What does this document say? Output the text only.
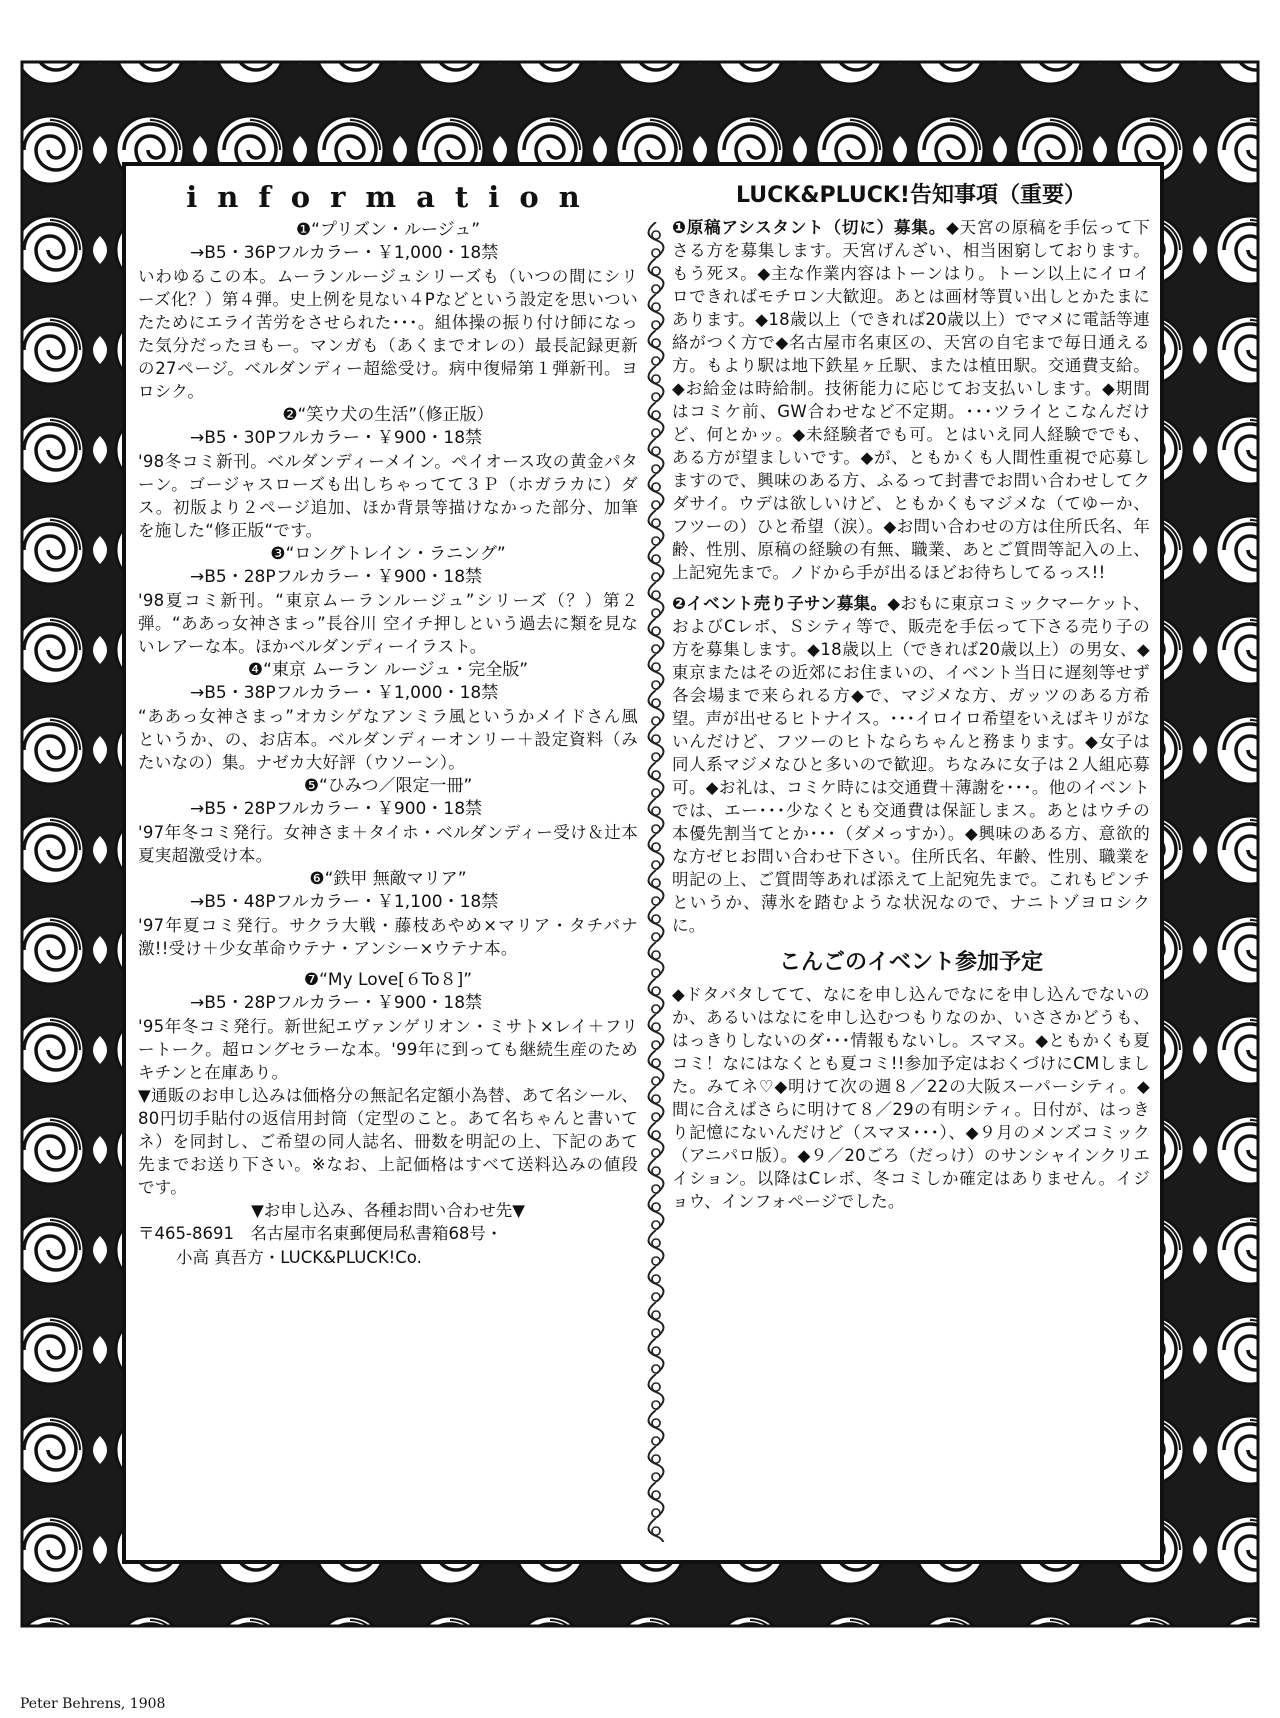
information
❶“プリズン・ルージュ”
→B5・36Pフルカラー・￥1,000・18禁
いわゆるこの本。ムーランルージュシリーズも（いつの間にシリーズ化？）第４弾。史上例を見ない４Pなどという設定を思いついたためにエライ苦労をさせられた･･･。組体操の振り付け師になった気分だったヨもー。マンガも（あくまでオレの）最長記録更新の27ページ。ベルダンディー超総受け。病中復帰第１弾新刊。ヨロシク。
❷“笑ウ犬の生活”（修正版）
→B5・30Pフルカラー・￥900・18禁
'98冬コミ新刊。ベルダンディーメイン。ペイオース攻の黄金パターン。ゴージャスローズも出しちゃってて３Ｐ（ホガラカに）ダス。初版より２ページ追加、ほか背景等描けなかった部分、加筆を施した“修正版“です。
❸“ロングトレイン・ラニング”
→B5・28Pフルカラー・￥900・18禁
'98夏コミ新刊。“東京ムーランルージュ”シリーズ（？）第２弾。“ああっ女神さまっ”長谷川 空イチ押しという過去に類を見ないレアーな本。ほかベルダンディーイラスト。
❹“東京 ムーラン ルージュ・完全版”
→B5・38Pフルカラー・￥1,000・18禁
“ああっ女神さまっ”オカシゲなアンミラ風というかメイドさん風というか、の、お店本。ベルダンディーオンリー＋設定資料（みたいなの）集。ナゼカ大好評（ウソーン）。
❺“ひみつ／限定一冊”
→B5・28Pフルカラー・￥900・18禁
'97年冬コミ発行。女神さま＋タイホ・ベルダンディー受け＆辻本夏実超激受け本。
❻“鉄甲 無敵マリア”
→B5・48Pフルカラー・￥1,100・18禁
'97年夏コミ発行。サクラ大戦・藤枝あやめ×マリア・タチバナ激!!受け＋少女革命ウテナ・アンシー×ウテナ本。
❼“My Love[６To８]”
→B5・28Pフルカラー・￥900・18禁
'95年冬コミ発行。新世紀エヴァンゲリオン・ミサト×レイ＋フリートーク。超ロングセラーな本。'99年に到っても継続生産のためキチンと在庫あり。
▼通販のお申し込みは価格分の無記名定額小為替、あて名シール、80円切手貼付の返信用封筒（定型のこと。あて名ちゃんと書いてネ）を同封し、ご希望の同人誌名、冊数を明記の上、下記のあて先までお送り下さい。※なお、上記価格はすべて送料込みの値段です。
▼お申し込み、各種お問い合わせ先▼
〒465-8691　名古屋市名東郵便局私書箱68号・
小高 真吾方・LUCK&PLUCK!Co.
LUCK&PLUCK!告知事項（重要）
❶原稿アシスタント（切に）募集。◆天宮の原稿を手伝って下さる方を募集します。天宮げんざい、相当困窮しております。もう死ヌ。◆主な作業内容はトーンはり。トーン以上にイロイロできればモチロン大歓迎。あとは画材等買い出しとかたまにあります。◆18歳以上（できれば20歳以上）でマメに電話等連絡がつく方で◆名古屋市名東区の、天宮の自宅まで毎日通える方。もより駅は地下鉄星ヶ丘駅、または植田駅。交通費支給。◆お給金は時給制。技術能力に応じてお支払いします。◆期間はコミケ前、GW合わせなど不定期。･･･ツライとこなんだけど、何とかッ。◆未経験者でも可。とはいえ同人経験ででも、ある方が望ましいです。◆が、ともかくも人間性重視で応募しますので、興味のある方、ふるって封書でお問い合わせしてクダサイ。ウデは欲しいけど、ともかくもマジメな（てゆーか、フツーの）ひと希望（涙）。◆お問い合わせの方は住所氏名、年齢、性別、原稿の経験の有無、職業、あとご質問等記入の上、上記宛先まで。ノドから手が出るほどお待ちしてるっス!!
❷イベント売り子サン募集。◆おもに東京コミックマーケット、およびCレボ、Ｓシティ等で、販売を手伝って下さる売り子の方を募集します。◆18歳以上（できれば20歳以上）の男女、◆東京またはその近郊にお住まいの、イベント当日に遅刻等せず各会場まで来られる方◆で、マジメな方、ガッツのある方希望。声が出せるヒトナイス。･･･イロイロ希望をいえばキリがないんだけど、フツーのヒトならちゃんと務まります。◆女子は同人系マジメなひと多いので歓迎。ちなみに女子は２人組応募可。◆お礼は、コミケ時には交通費＋薄謝を･･･。他のイベントでは、エー･･･少なくとも交通費は保証しまス。あとはウチの本優先割当てとか･･･（ダメっすか）。◆興味のある方、意欲的な方ゼヒお問い合わせ下さい。住所氏名、年齢、性別、職業を明記の上、ご質問等あれば添えて上記宛先まで。これもピンチというか、薄氷を踏むような状況なので、ナニトゾヨロシクに。
こんごのイベント参加予定
◆ドタバタしてて、なにを申し込んでなにを申し込んでないのか、あるいはなにを申し込むつもりなのか、いささかどうも、はっきりしないのダ･･･情報もないし。スマヌ。◆ともかくも夏コミ！なにはなくとも夏コミ!!参加予定はおくづけにCMしました。みてネ♡◆明けて次の週８／22の大阪スーパーシティ。◆間に合えばさらに明けて８／29の有明シティ。日付が、はっきり記憶にないんだけど（スマヌ･･･）、◆９月のメンズコミック（アニパロ版）。◆９／20ごろ（だっけ）のサンシャインクリエイション。以降はCレボ、冬コミしか確定はありません。イジョウ、インフォページでした。
Peter Behrens, 1908
